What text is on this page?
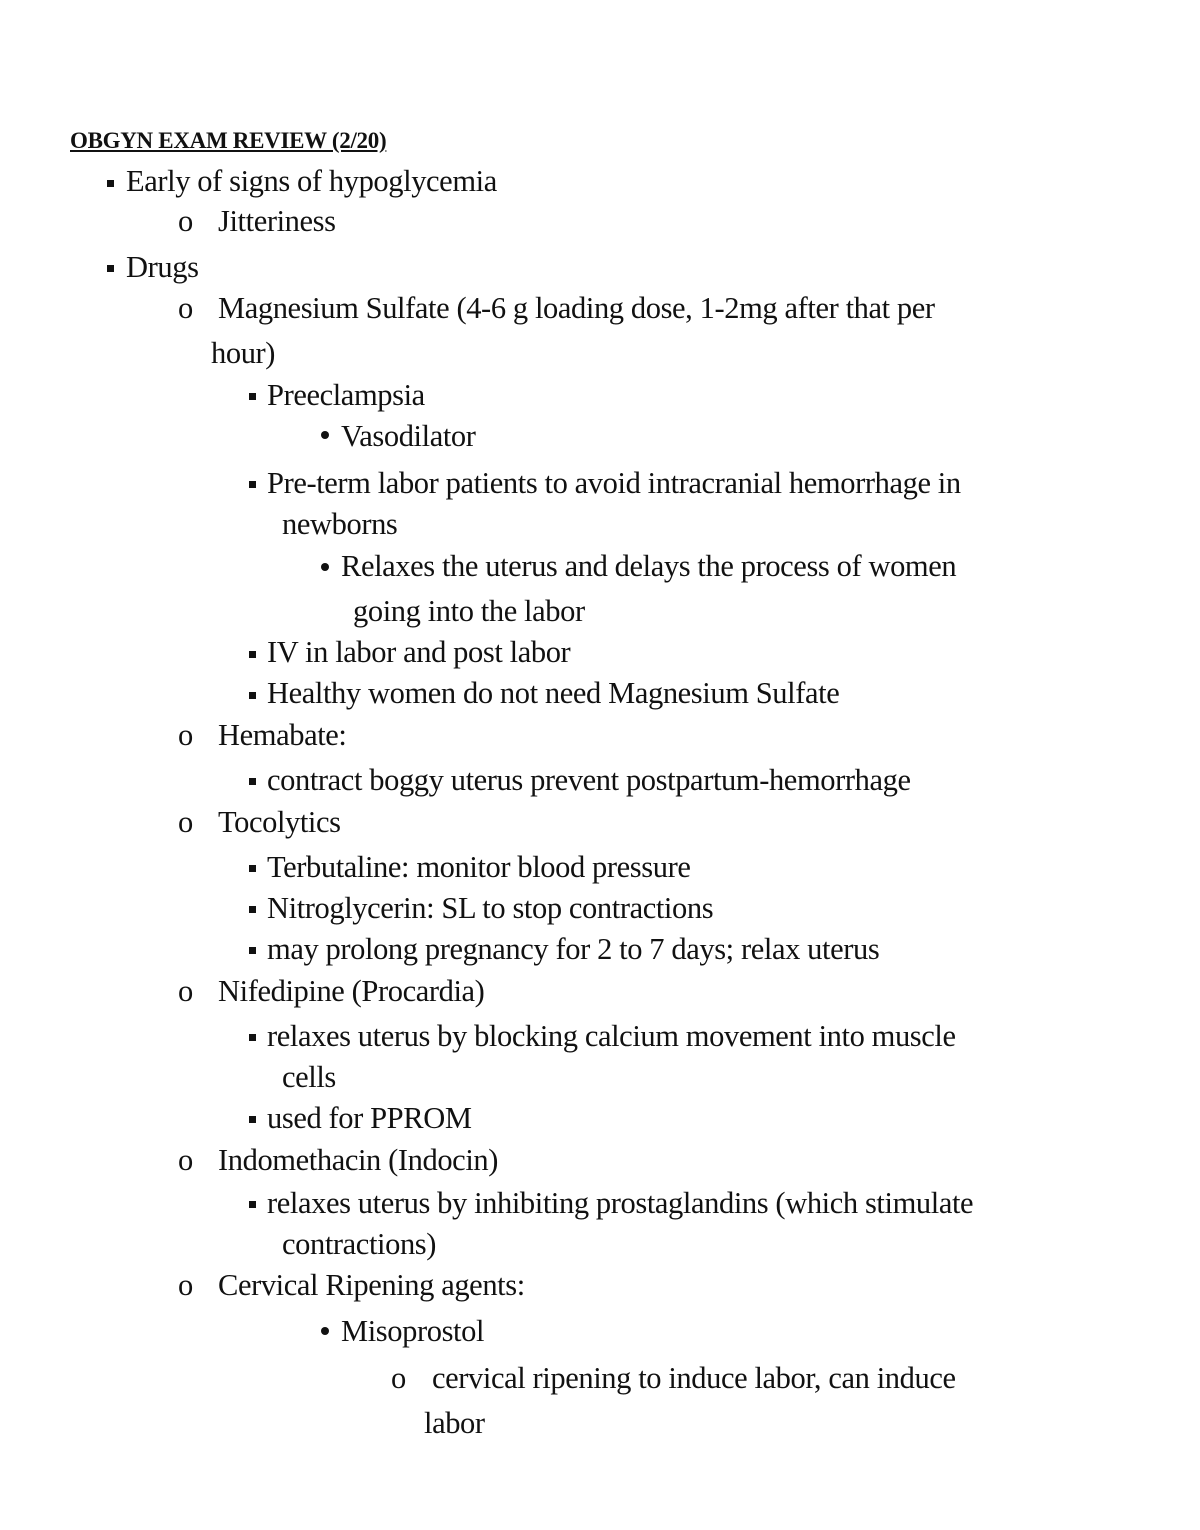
OBGYN EXAM REVIEW (2/20)
Early of signs of hypoglycemia
o Jitteriness
Drugs
o Magnesium Sulfate (4-6 g loading dose, 1-2mg after that per
hour)
Preeclampsia
Vasodilator
Pre-term labor patients to avoid intracranial hemorrhage in
newborns
Relaxes the uterus and delays the process of women
going into the labor
IV in labor and post labor
Healthy women do not need Magnesium Sulfate
o Hemabate:
contract boggy uterus prevent postpartum-hemorrhage
o Tocolytics
Terbutaline: monitor blood pressure
Nitroglycerin: SL to stop contractions
may prolong pregnancy for 2 to 7 days; relax uterus
o Nifedipine (Procardia)
relaxes uterus by blocking calcium movement into muscle
cells
used for PPROM
o Indomethacin (Indocin)
relaxes uterus by inhibiting prostaglandins (which stimulate
contractions)
o Cervical Ripening agents:
Misoprostol
o cervical ripening to induce labor, can induce
labor
